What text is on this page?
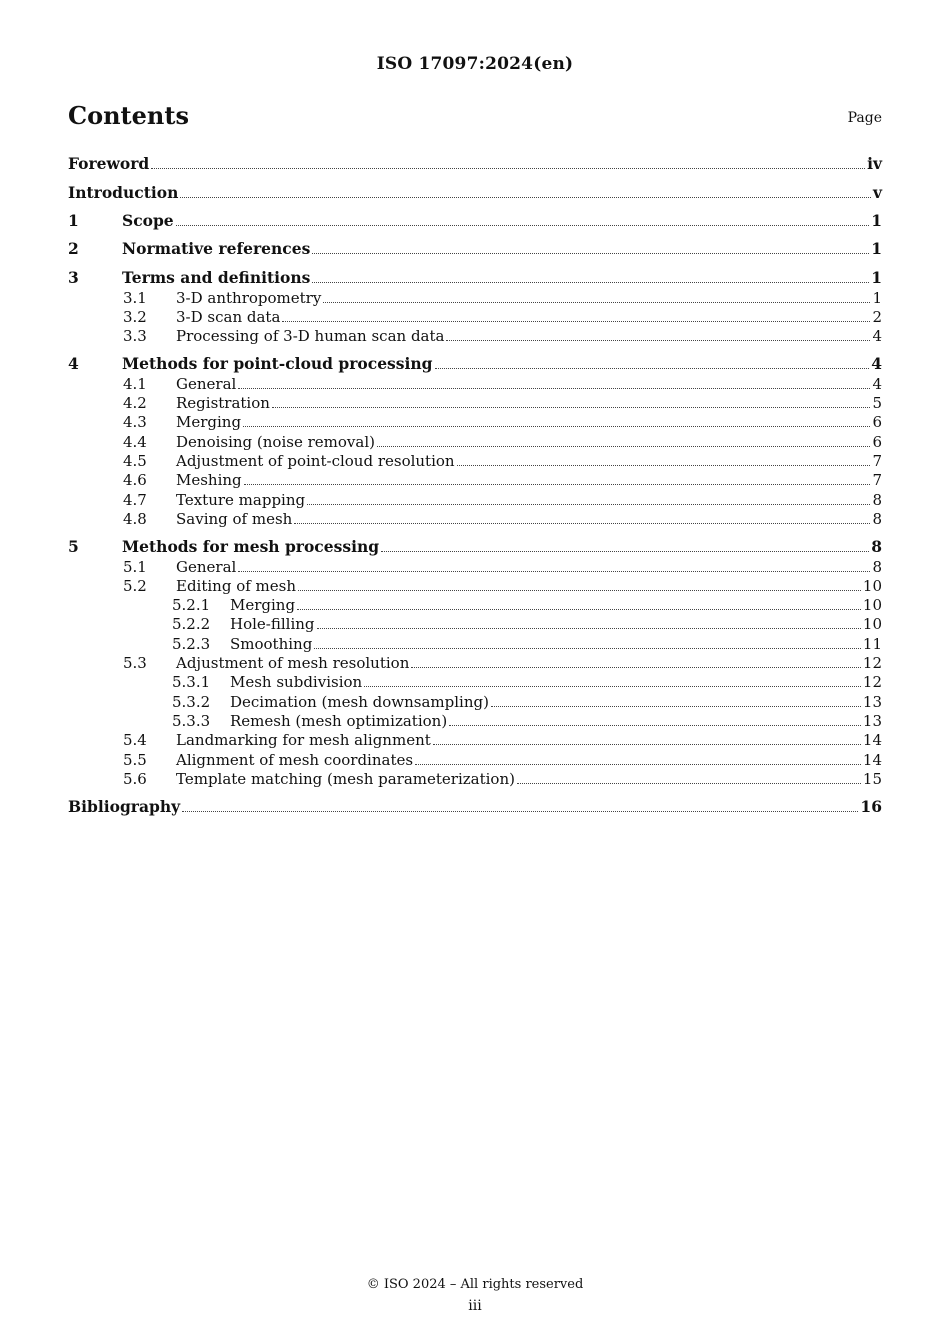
ISO 17097:2024(en)
Contents	Page
Foreword	iv
Introduction	v
1	Scope	1
2	Normative references	1
3	Terms and definitions	1
3.1	3-D anthropometry	1
3.2	3-D scan data	2
3.3	Processing of 3-D human scan data	4
4	Methods for point-cloud processing	4
4.1	General	4
4.2	Registration	5
4.3	Merging	6
4.4	Denoising (noise removal)	6
4.5	Adjustment of point-cloud resolution	7
4.6	Meshing	7
4.7	Texture mapping	8
4.8	Saving of mesh	8
5	Methods for mesh processing	8
5.1	General	8
5.2	Editing of mesh	10
5.2.1	Merging	10
5.2.2	Hole-filling	10
5.2.3	Smoothing	11
5.3	Adjustment of mesh resolution	12
5.3.1	Mesh subdivision	12
5.3.2	Decimation (mesh downsampling)	13
5.3.3	Remesh (mesh optimization)	13
5.4	Landmarking for mesh alignment	14
5.5	Alignment of mesh coordinates	14
5.6	Template matching (mesh parameterization)	15
Bibliography	16
© ISO 2024 – All rights reserved
iii
